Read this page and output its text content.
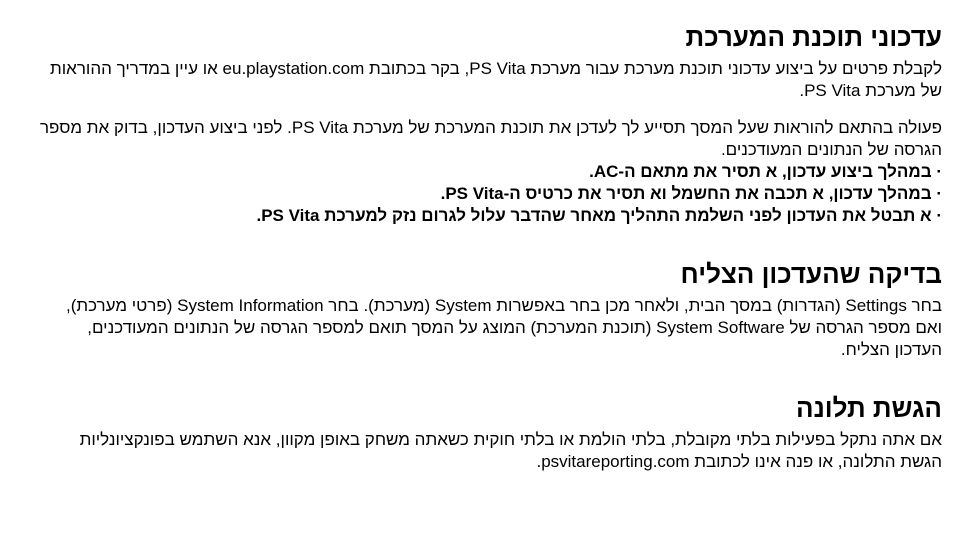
עדכוני תוכנת המערכת

לקבלת פרטים על ביצוע עדכוני תוכנת מערכת עבור מערכת PS Vita, בקר בכתובת eu.playstation.com או עיין במדריך ההוראות של מערכת PS Vita.

פעולה בהתאם להוראות שעל המסך תסייע לך לעדכן את תוכנת המערכת של מערכת PS Vita. לפני ביצוע העדכון, בדוק את מספר הגרסה של הנתונים המעודכנים.

· במהלך ביצוע עדכון, א תסיר את מתאם ה-AC.
· במהלך עדכון, א תכבה את החשמל וא תסיר את כרטיס ה-PS Vita.
· א תבטל את העדכון לפני השלמת התהליך מאחר שהדבר עלול לגרום נזק למערכת PS Vita.
בדיקה שהעדכון הצליח

בחר Settings (הגדרות) במסך הבית, ולאחר מכן בחר באפשרות System (מערכת). בחר System Information (פרטי מערכת), ואם מספר הגרסה של System Software (תוכנת המערכת) המוצג על המסך תואם למספר הגרסה של הנתונים המעודכנים, העדכון הצליח.

הגשת תלונה

אם אתה נתקל בפעילות בלתי מקובלת, בלתי הולמת או בלתי חוקית כשאתה משחק באופן מקוון, אנא השתמש בפונקציונליות הגשת התלונה, או פנה אינו לכתובת psvitareporting.com.
